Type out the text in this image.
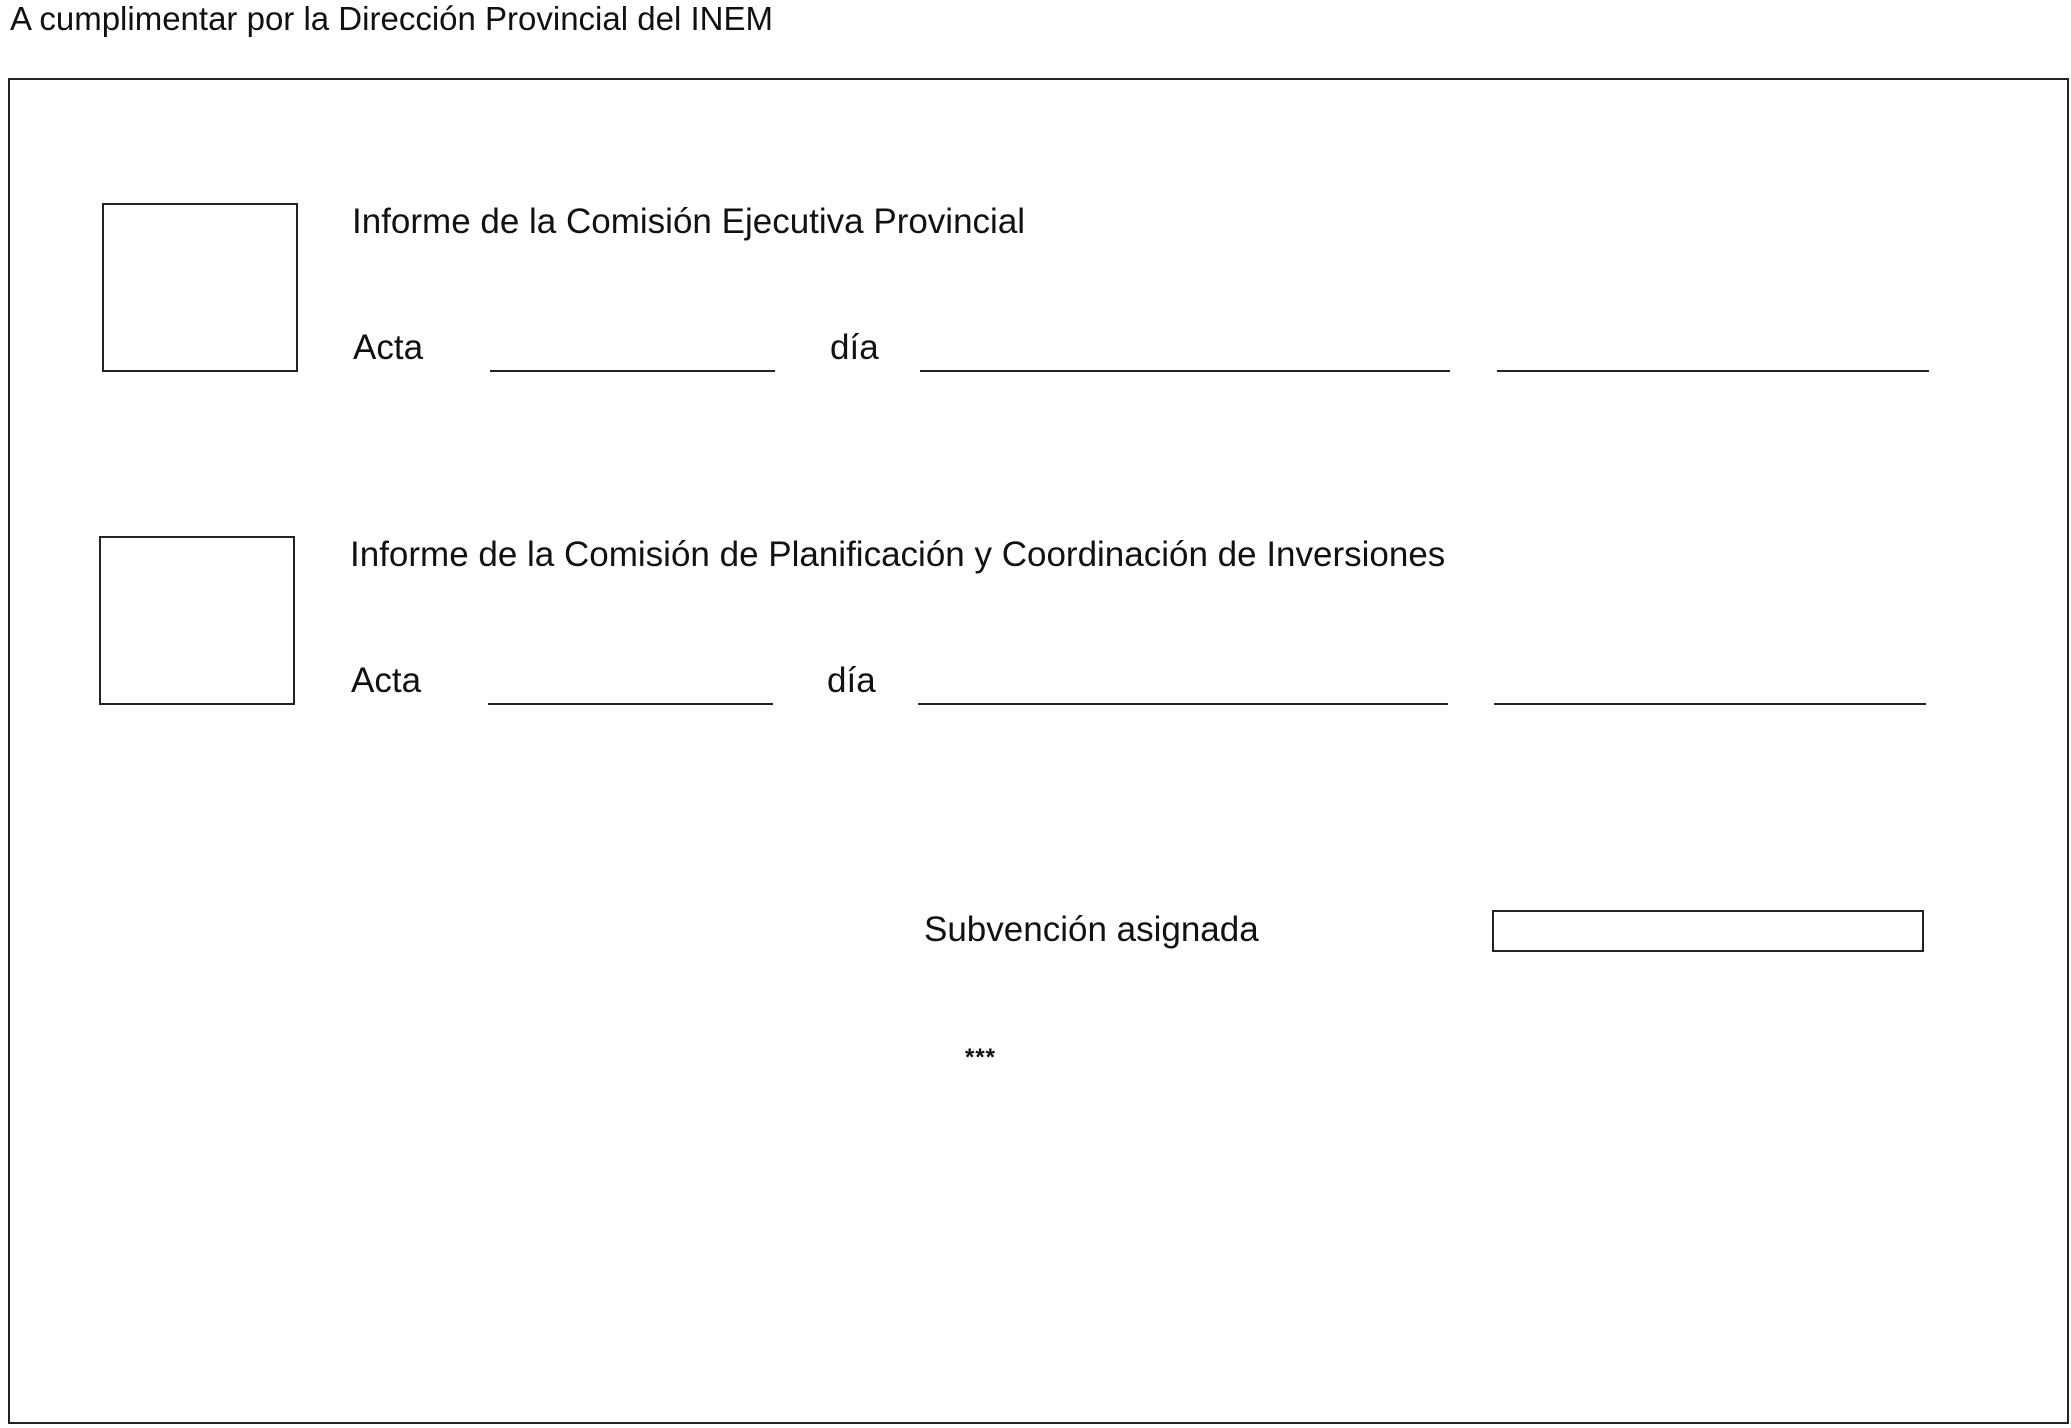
A cumplimentar por la Dirección Provincial del INEM
Informe de la Comisión Ejecutiva Provincial
Acta	día
Informe de la Comisión de Planificación y Coordinación de Inversiones
Acta	día
Subvención asignada
***
